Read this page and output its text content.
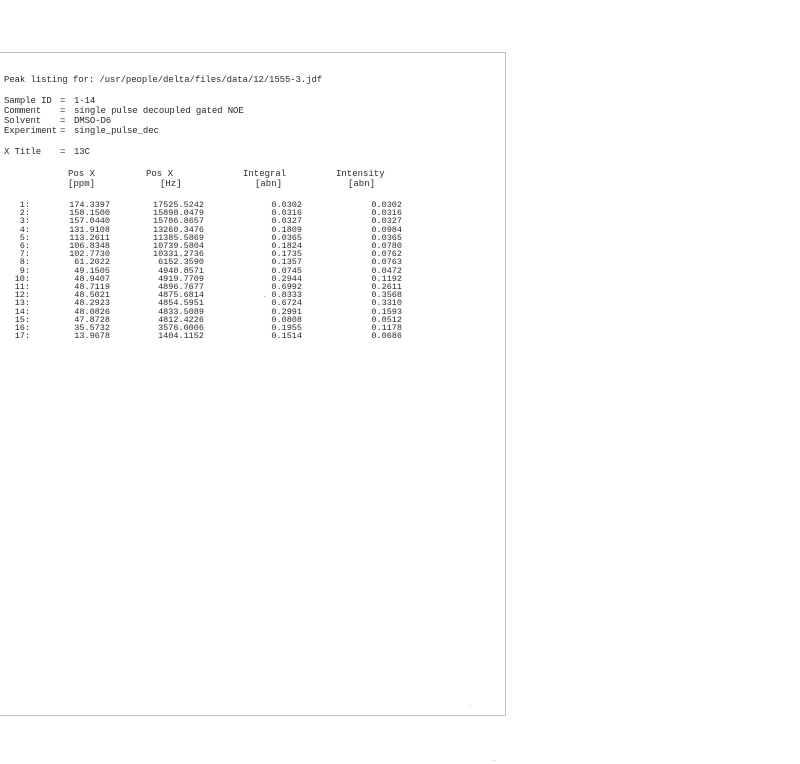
Peak listing for: /usr/people/delta/files/data/12/1555-3.jdf
Sample ID = 1-14
Comment = single pulse decoupled gated NOE
Solvent = DMSO-D6
Experiment = single_pulse_dec
X Title = 13C
Pos X
[ppm]
Pos X
[Hz]
Integral
[abn]
Intensity
[abn]
1:	174.3397	17525.5242	0.0302	0.0302
2:	158.1500	15898.0479	0.0316	0.0316
3:	157.0440	15786.8657	0.0327	0.0327
4:	131.9108	13260.3476	0.1809	0.0984
5:	113.2611	11385.5869	0.0365	0.0365
6:	106.8348	10739.5804	0.1824	0.0780
7:	102.7730	10331.2736	0.1735	0.0762
8:	61.2022	6152.3590	0.1357	0.0763
9:	49.1505	4940.8571	0.0745	0.0472
10:	48.9407	4919.7709	0.2944	0.1192
11:	48.7119	4896.7677	0.6992	0.2611
12:	48.5021	4875.6814	0.8333	0.3568
13:	48.2923	4854.5951	0.6724	0.3310
14:	48.0826	4833.5089	0.2991	0.1593
15:	47.8728	4812.4226	0.0808	0.0512
16:	35.5732	3576.0006	0.1955	0.1178
17:	13.9678	1404.1152	0.1514	0.0686
